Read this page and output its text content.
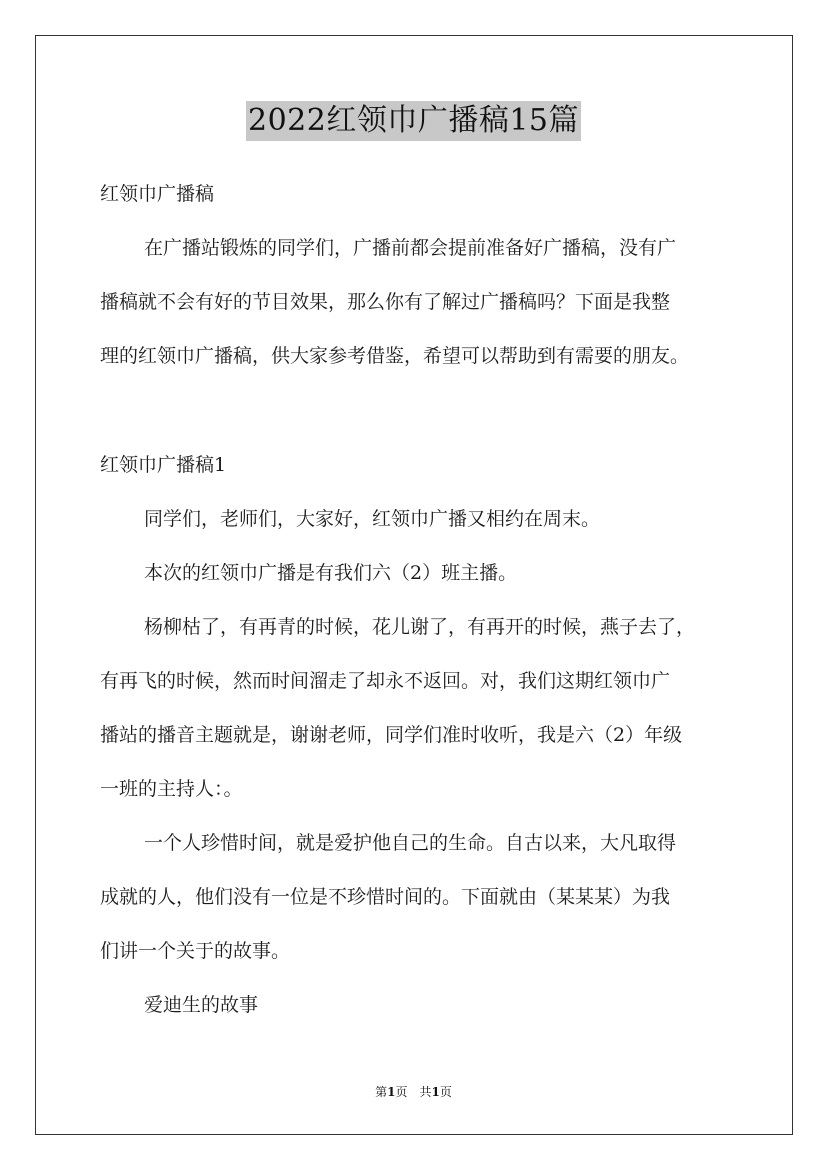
2022红领巾广播稿15篇
红领巾广播稿
在广播站锻炼的同学们，广播前都会提前准备好广播稿，没有广
播稿就不会有好的节目效果，那么你有了解过广播稿吗？下面是我整
理的红领巾广播稿，供大家参考借鉴，希望可以帮助到有需要的朋友。
红领巾广播稿1
同学们，老师们，大家好，红领巾广播又相约在周末。
本次的红领巾广播是有我们六（2）班主播。
杨柳枯了，有再青的时候，花儿谢了，有再开的时候，燕子去了，
有再飞的时候，然而时间溜走了却永不返回。对，我们这期红领巾广
播站的播音主题就是，谢谢老师，同学们准时收听，我是六（2）年级
一班的主持人：。
一个人珍惜时间，就是爱护他自己的生命。自古以来，大凡取得
成就的人，他们没有一位是不珍惜时间的。下面就由（某某某）为我
们讲一个关于的故事。
爱迪生的故事
第1页　共1页
